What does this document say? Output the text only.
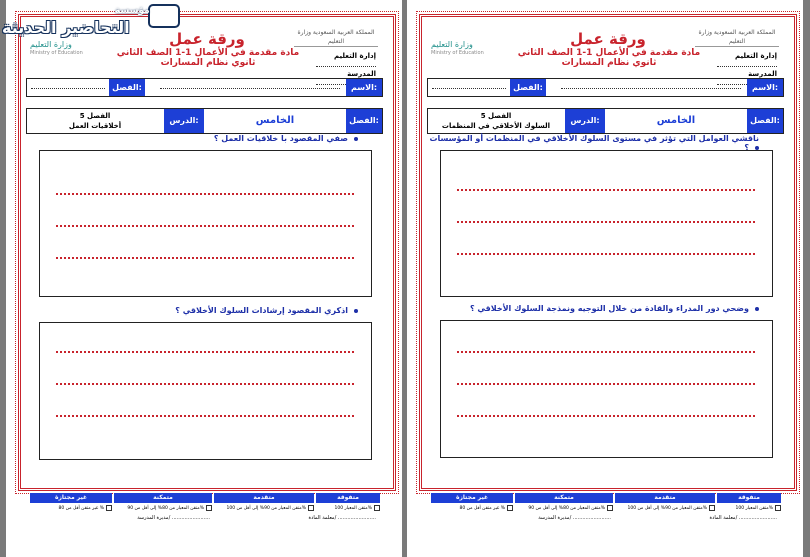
المملكة العربية السعودية وزارة التعليم
ورقة عمل
مادة مقدمة في الأعمال 1-1 الصف الثاني
ثانوي نظام المسارات
وزارة التعليم
Ministry of Education	إدارة التعليم
المدرسة
الاسم:
الفصل:
الفصل:
الخامس
الدرس:
الفصل 5
أخلاقيات العمل
صفي المقصود با خلاقيات العمل ؟
اذكري المقصود إرشادات السلوك الأخلاقي ؟
متفوقة
متقدمة
متمكنة
غير مجتازة
متقن المعيار 100%
متقن المعيار من 90% إلى أقل من 100%
متقن المعيار من 80% إلى أقل من 90%
غير متقن أقل من 80 %
معلمة المادة/ ........................
مديرة المدرسة/ ........................
المملكة العربية السعودية وزارة التعليم
ورقة عمل
مادة مقدمة في الأعمال 1-1 الصف الثاني
ثانوي نظام المسارات
وزارة التعليم
Ministry of Education	إدارة التعليم
المدرسة
الاسم:
الفصل:
الفصل:
الخامس
الدرس:
الفصل 5
السلوك الأخلاقي في المنظمات
ناقشي العوامل التي تؤثر في مستوى السلوك الأخلاقي في المنظمات أو المؤسسات ؟
وضحي دور المدراء والقادة من خلال التوجيه ونمذجة السلوك الأخلاقي ؟
متفوقة
متقدمة
متمكنة
غير مجتازة
متقن المعيار 100%
متقن المعيار من 90% إلى أقل من 100%
متقن المعيار من 80% إلى أقل من 90%
غير متقن أقل من 80 %
معلمة المادة/ ........................
مديرة المدرسة/ ........................
مؤسسة
التحاضير الحديثة
